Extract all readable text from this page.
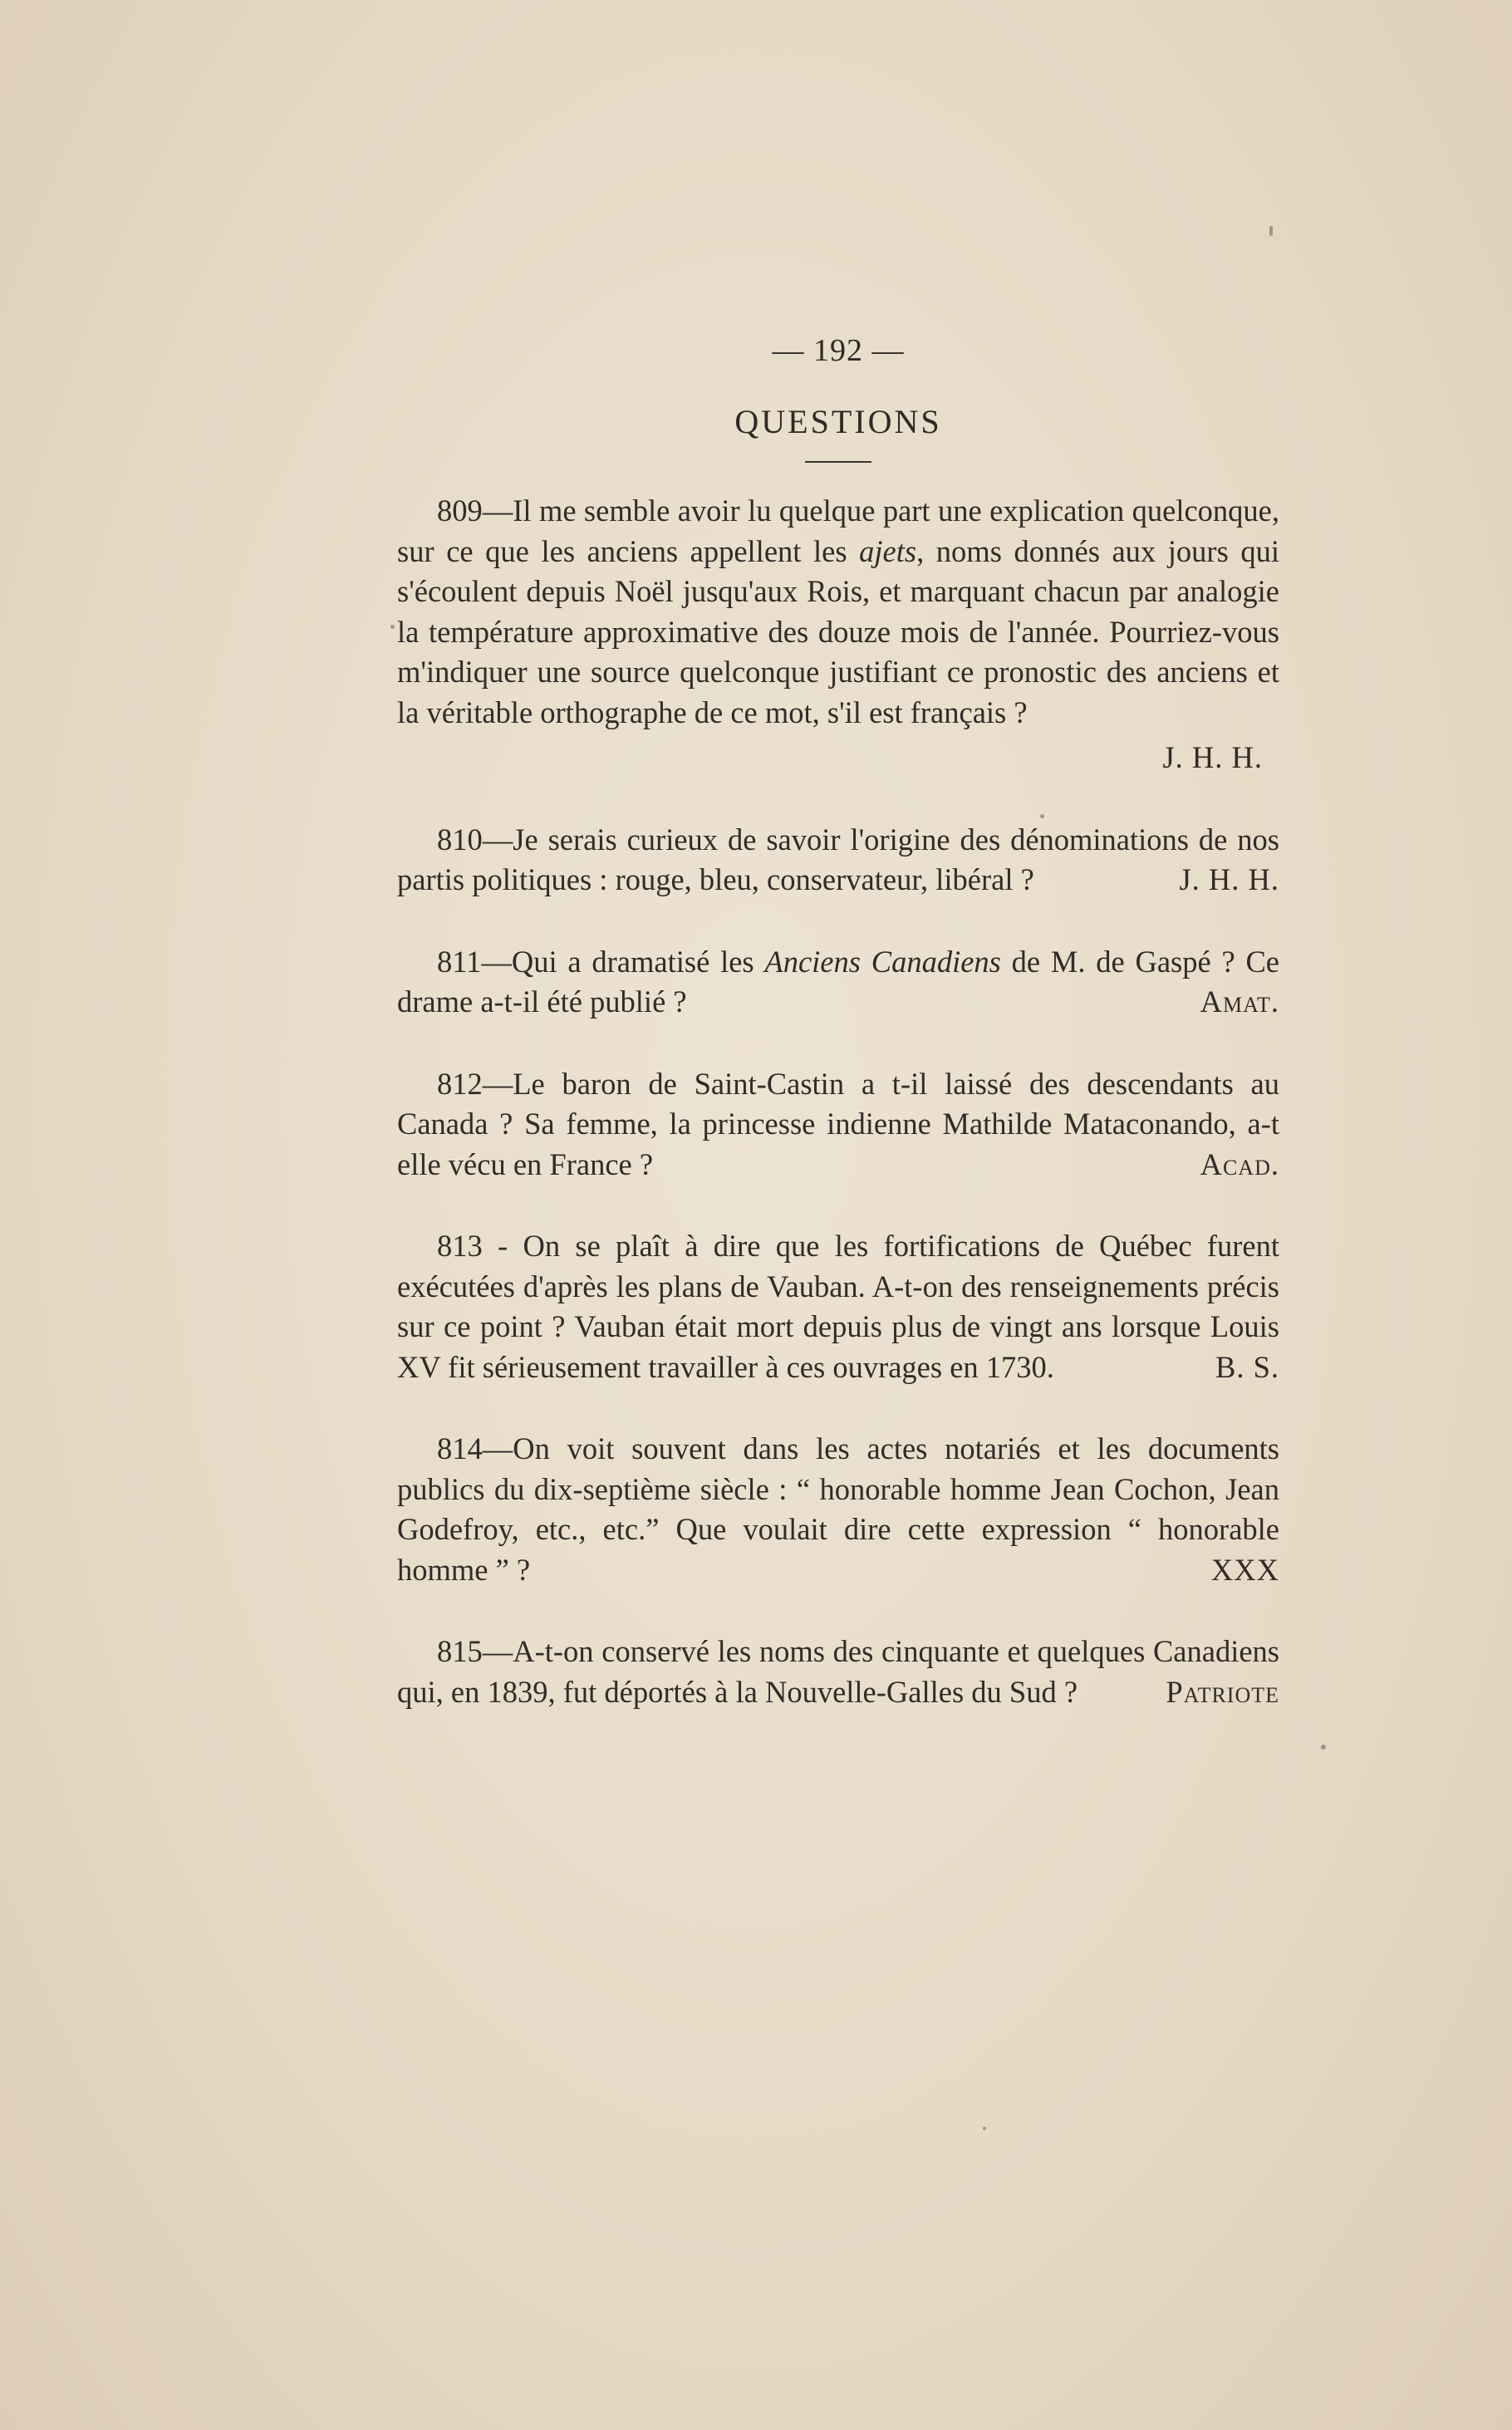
— 192 —
QUESTIONS

809—Il me semble avoir lu quelque part une explication quelconque, sur ce que les anciens appellent les ajets, noms donnés aux jours qui s'écoulent depuis Noël jusqu'aux Rois, et marquant chacun par analogie la température approximative des douze mois de l'année. Pourriez-vous m'indiquer une source quelconque justifiant ce pronostic des anciens et la véritable orthographe de ce mot, s'il est français ?

J. H. H.

810—Je serais curieux de savoir l'origine des dénominations de nos partis politiques : rouge, bleu, conservateur, libéral ?	J. H. H.

811—Qui a dramatisé les Anciens Canadiens de M. de Gaspé ? Ce drame a-t-il été publié ?	Amat.

812—Le baron de Saint-Castin a t-il laissé des descendants au Canada ? Sa femme, la princesse indienne Mathilde Mataconando, a-t elle vécu en France ?	Acad.

813 - On se plaît à dire que les fortifications de Québec furent exécutées d'après les plans de Vauban. A-t-on des renseignements précis sur ce point ? Vauban était mort depuis plus de vingt ans lorsque Louis XV fit sérieusement travailler à ces ouvrages en 1730.	B. S.

814—On voit souvent dans les actes notariés et les documents publics du dix-septième siècle : “ honorable homme Jean Cochon, Jean Godefroy, etc., etc.” Que voulait dire cette expression “ honorable homme ” ?	XXX

815—A-t-on conservé les noms des cinquante et quelques Canadiens qui, en 1839, fut déportés à la Nouvelle-Galles du Sud ?	Patriote
